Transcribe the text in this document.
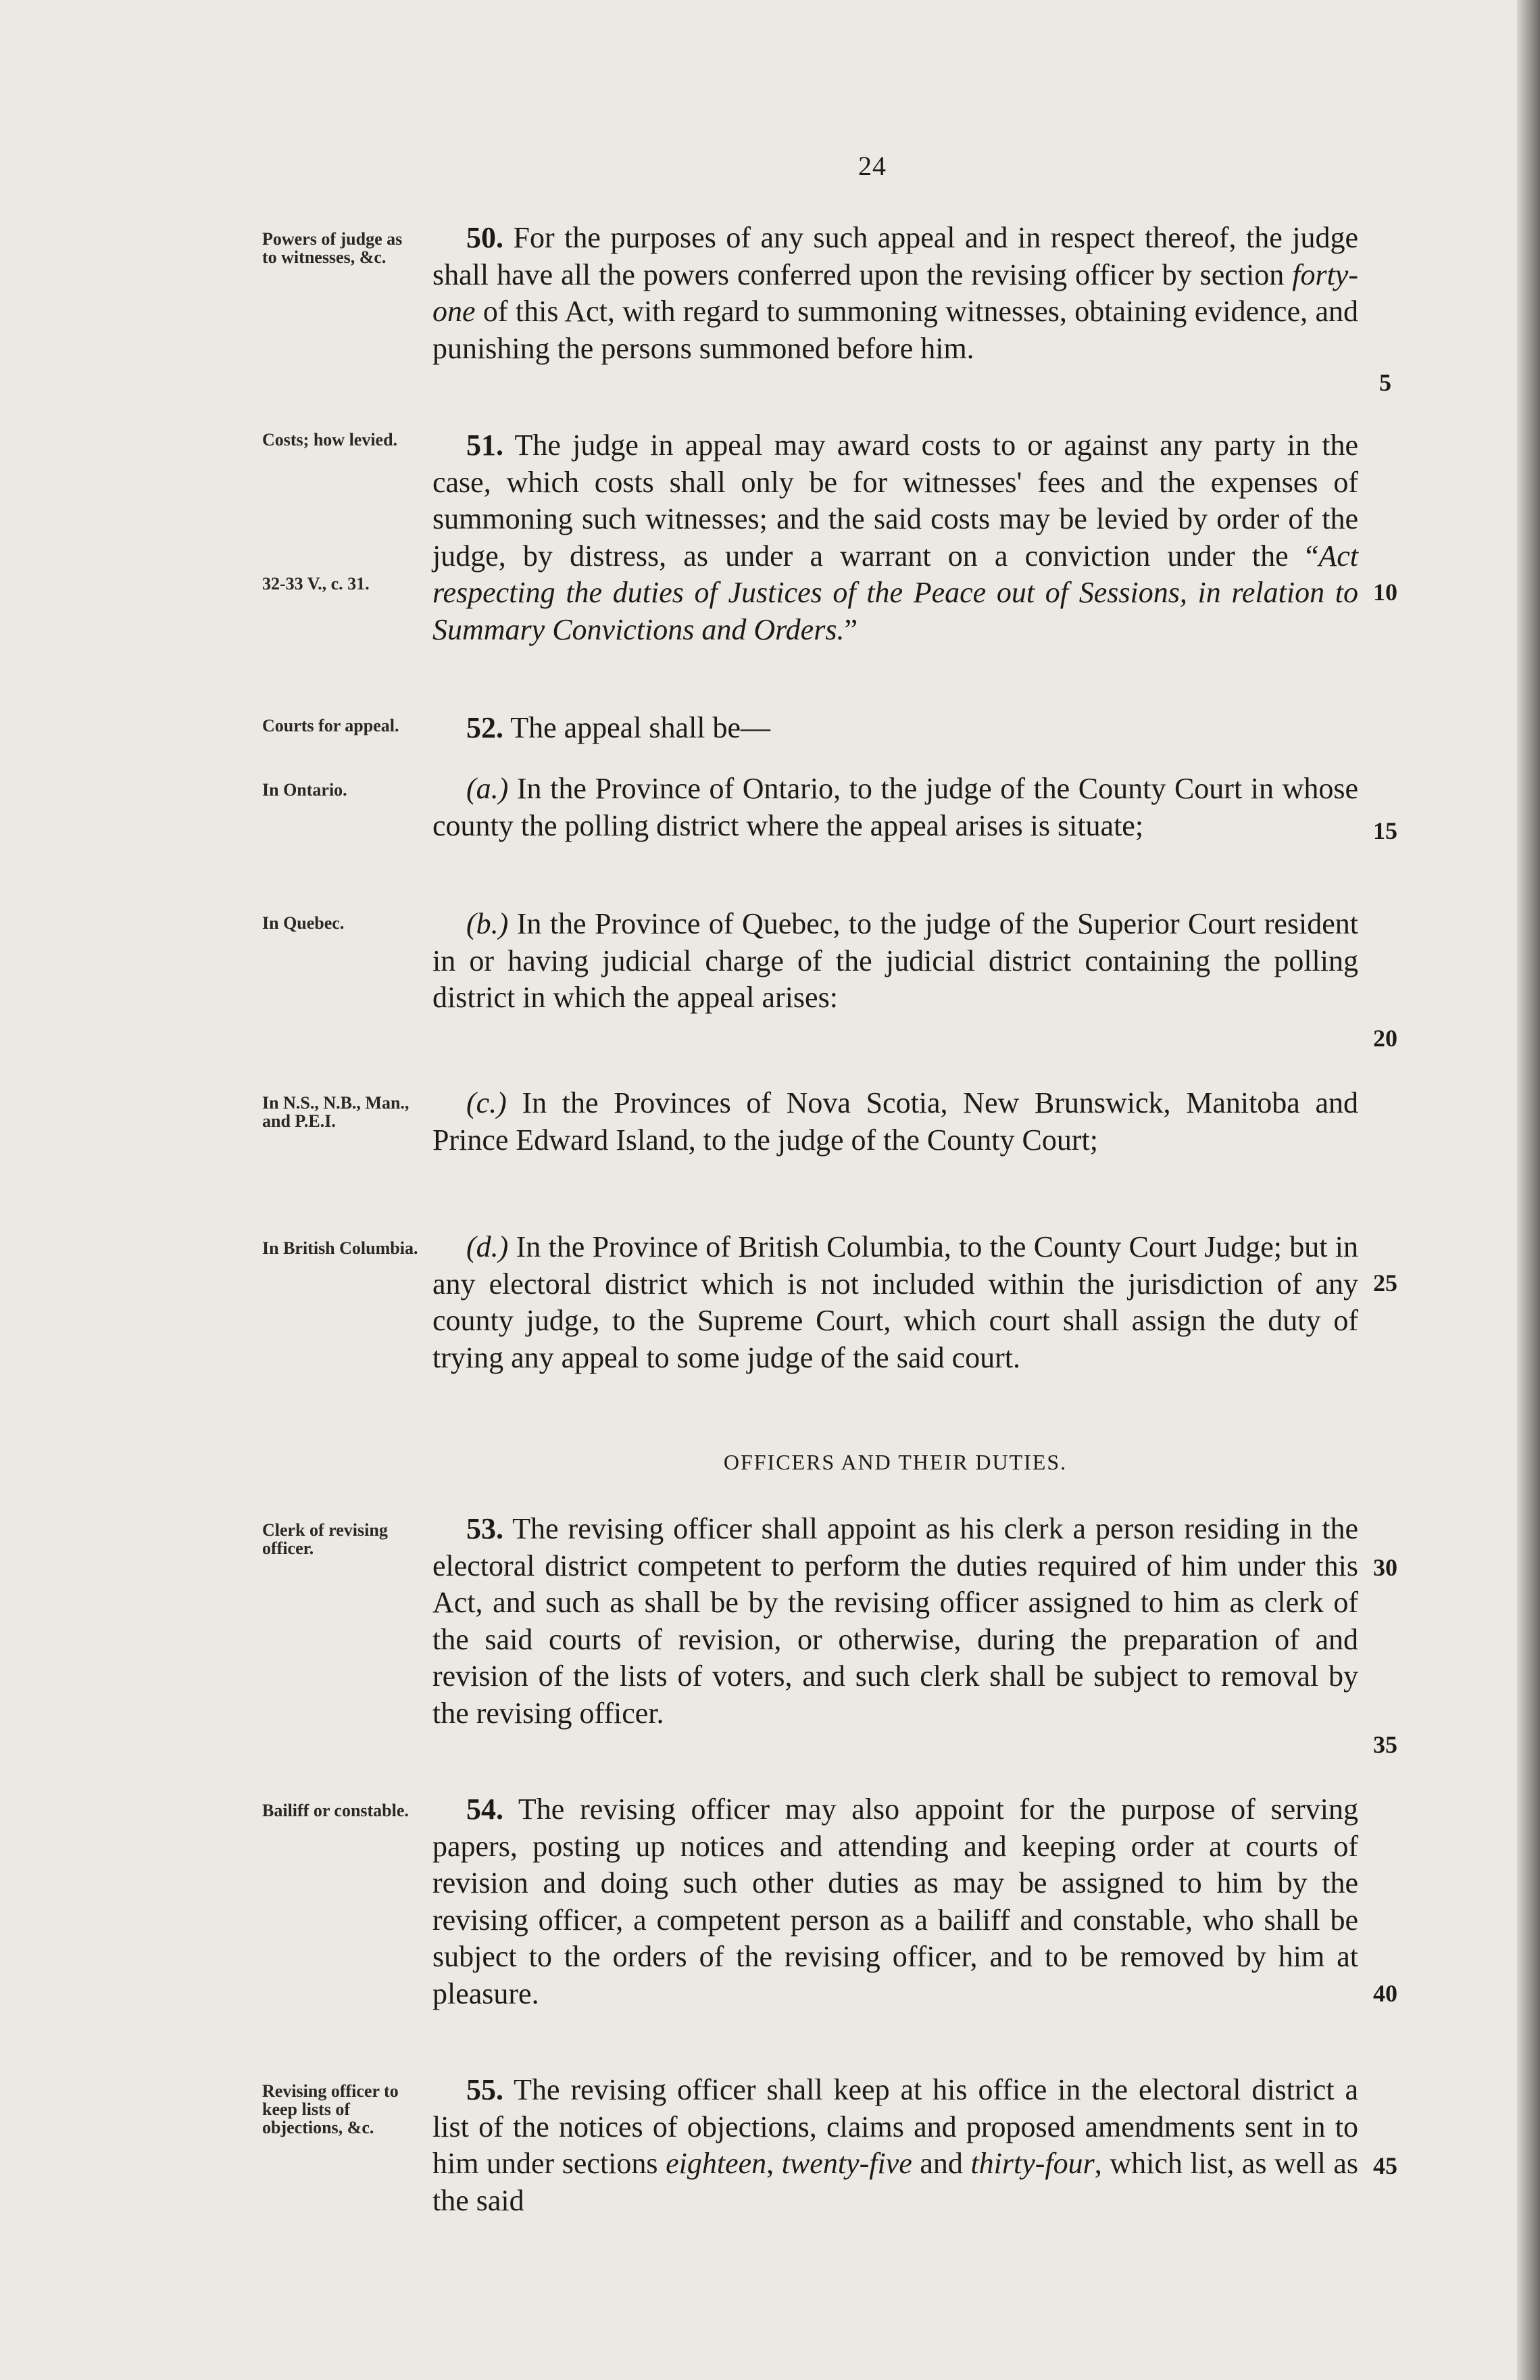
24
Powers of judge as to witnesses, &c.
Costs; how levied.
32-33 V., c. 31.
Courts for appeal.
In Ontario.
In Quebec.
In N.S., N.B., Man., and P.E.I.
In British Columbia.
Clerk of revising officer.
Bailiff or constable.
Revising officer to keep lists of objections, &c.
50. For the purposes of any such appeal and in respect thereof, the judge shall have all the powers conferred upon the revising officer by section forty-one of this Act, with regard to summoning witnesses, obtaining evidence, and punishing the persons summoned before him.
51. The judge in appeal may award costs to or against any party in the case, which costs shall only be for witnesses' fees and the expenses of summoning such witnesses; and the said costs may be levied by order of the judge, by distress, as under a warrant on a conviction under the “Act respecting the duties of Justices of the Peace out of Sessions, in relation to Summary Convictions and Orders.”
52. The appeal shall be—
(a.) In the Province of Ontario, to the judge of the County Court in whose county the polling district where the appeal arises is situate;
(b.) In the Province of Quebec, to the judge of the Superior Court resident in or having judicial charge of the judicial district containing the polling district in which the appeal arises:
(c.) In the Provinces of Nova Scotia, New Brunswick, Manitoba and Prince Edward Island, to the judge of the County Court;
(d.) In the Province of British Columbia, to the County Court Judge; but in any electoral district which is not included within the jurisdiction of any county judge, to the Supreme Court, which court shall assign the duty of trying any appeal to some judge of the said court.
OFFICERS AND THEIR DUTIES.
53. The revising officer shall appoint as his clerk a person residing in the electoral district competent to perform the duties required of him under this Act, and such as shall be by the revising officer assigned to him as clerk of the said courts of revision, or otherwise, during the preparation of and revision of the lists of voters, and such clerk shall be subject to removal by the revising officer.
54. The revising officer may also appoint for the purpose of serving papers, posting up notices and attending and keeping order at courts of revision and doing such other duties as may be assigned to him by the revising officer, a competent person as a bailiff and constable, who shall be subject to the orders of the revising officer, and to be removed by him at pleasure.
55. The revising officer shall keep at his office in the electoral district a list of the notices of objections, claims and proposed amendments sent in to him under sections eighteen, twenty-five and thirty-four, which list, as well as the said
5
10
15
20
25
30
35
40
45
